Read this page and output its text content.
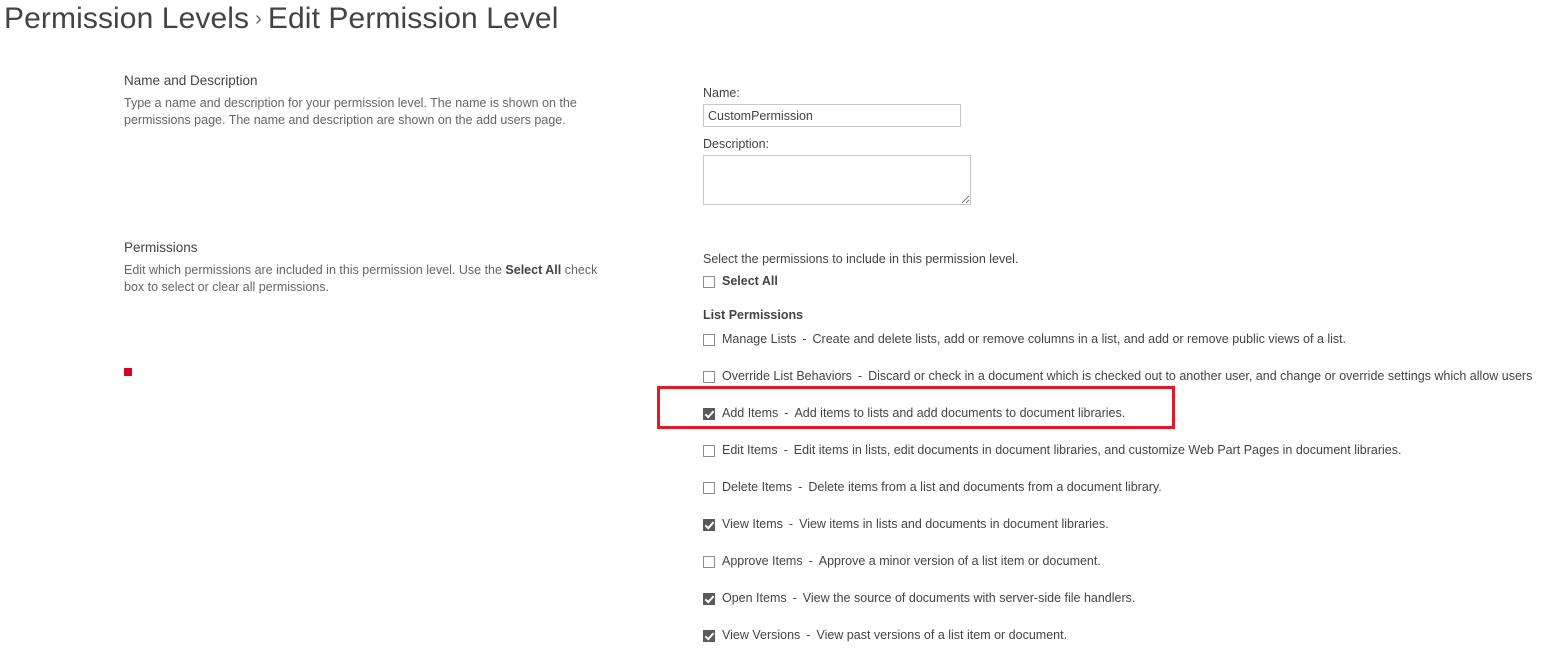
Permission Levels › Edit Permission Level
Name and Description
Type a name and description for your permission level. The name is shown on the permissions page. The name and description are shown on the add users page.
Permissions
Edit which permissions are included in this permission level. Use the Select All check box to select or clear all permissions.
Name:
CustomPermission
Description:
Select the permissions to include in this permission level.
Select All
List Permissions
Manage Lists - Create and delete lists, add or remove columns in a list, and add or remove public views of a list.
Override List Behaviors - Discard or check in a document which is checked out to another user, and change or override settings which allow users
Add Items - Add items to lists and add documents to document libraries.
Edit Items - Edit items in lists, edit documents in document libraries, and customize Web Part Pages in document libraries.
Delete Items - Delete items from a list and documents from a document library.
View Items - View items in lists and documents in document libraries.
Approve Items - Approve a minor version of a list item or document.
Open Items - View the source of documents with server-side file handlers.
View Versions - View past versions of a list item or document.
